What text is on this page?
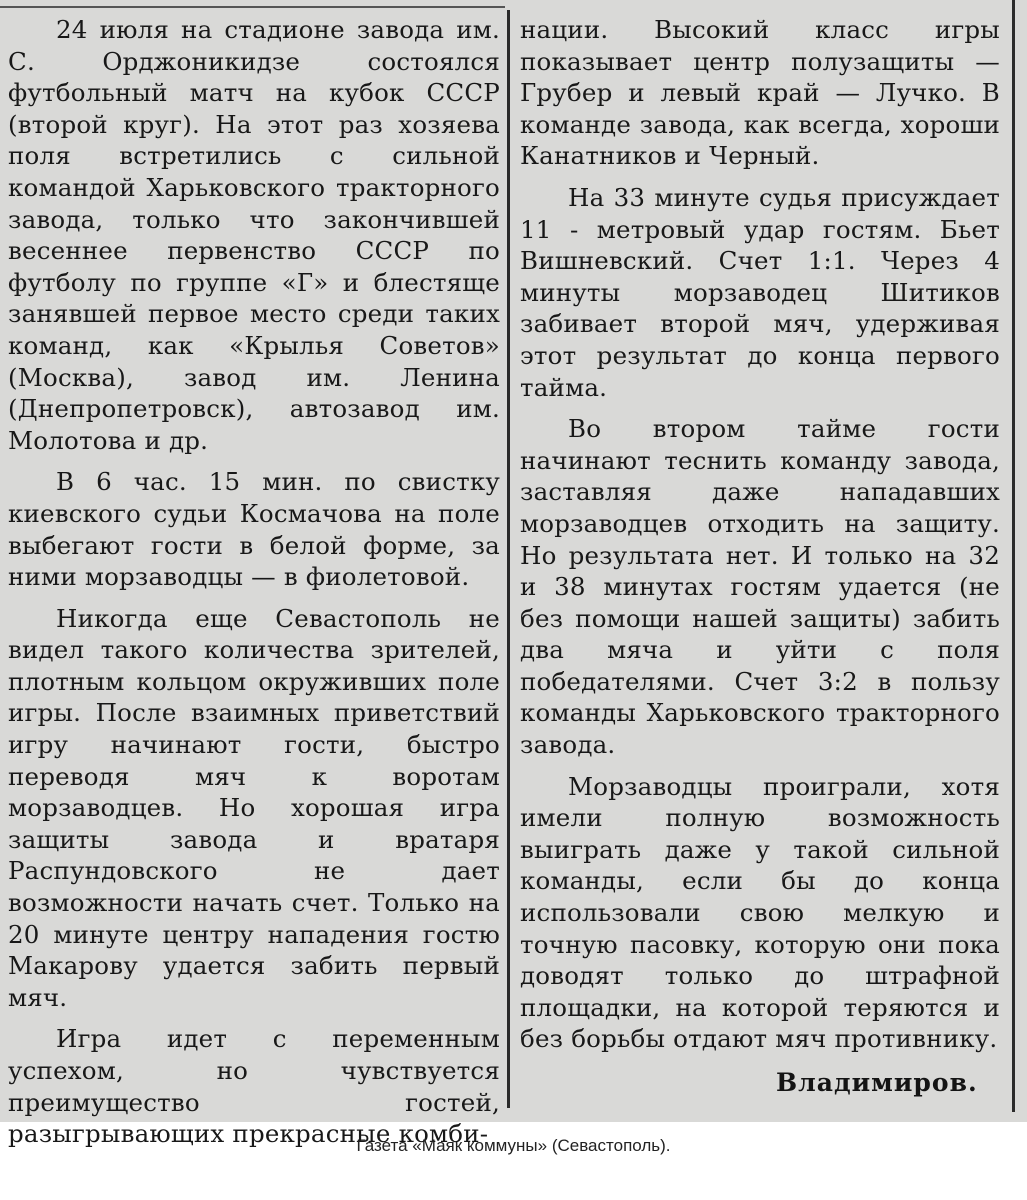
24 июля на стадионе завода им. С. Орджоникидзе состоялся футбольный матч на кубок СССР (второй круг). На этот раз хозяева поля встретились с сильной командой Харьковского тракторного завода, только что закончившей весеннее первенство СССР по футболу по группе «Г» и блестяще занявшей первое место среди таких команд, как «Крылья Советов» (Москва), завод им. Ленина (Днепропетровск), автозавод им. Молотова и др.

В 6 час. 15 мин. по свистку киевского судьи Космачова на поле выбегают гости в белой форме, за ними морзаводцы — в фиолетовой.

Никогда еще Севастополь не видел такого количества зрителей, плотным кольцом окруживших поле игры. После взаимных приветствий игру начинают гости, быстро переводя мяч к воротам морзаводцев. Но хорошая игра защиты завода и вратаря Распундовского не дает возможности начать счет. Только на 20 минуте центру нападения гостю Макарову удается забить первый мяч.

Игра идет с переменным успехом, но чувствуется преимущество гостей, разыгрывающих прекрасные комби-

нации. Высокий класс игры показывает центр полузащиты — Грубер и левый край — Лучко. В команде завода, как всегда, хороши Канатников и Черный.

На 33 минуте судья присуждает 11 - метровый удар гостям. Бьет Вишневский. Счет 1:1. Через 4 минуты морзаводец Шитиков забивает второй мяч, удерживая этот результат до конца первого тайма.

Во втором тайме гости начинают теснить команду завода, заставляя даже нападавших морзаводцев отходить на защиту. Но результата нет. И только на 32 и 38 минутах гостям удается (не без помощи нашей защиты) забить два мяча и уйти с поля победателями. Счет 3:2 в пользу команды Харьковского тракторного завода.

Морзаводцы проиграли, хотя имели полную возможность выиграть даже у такой сильной команды, если бы до конца использовали свою мелкую и точную пасовку, которую они пока доводят только до штрафной площадки, на которой теряются и без борьбы отдают мяч противнику.

Владимиров.
Газета «Маяк коммуны» (Севастополь).
